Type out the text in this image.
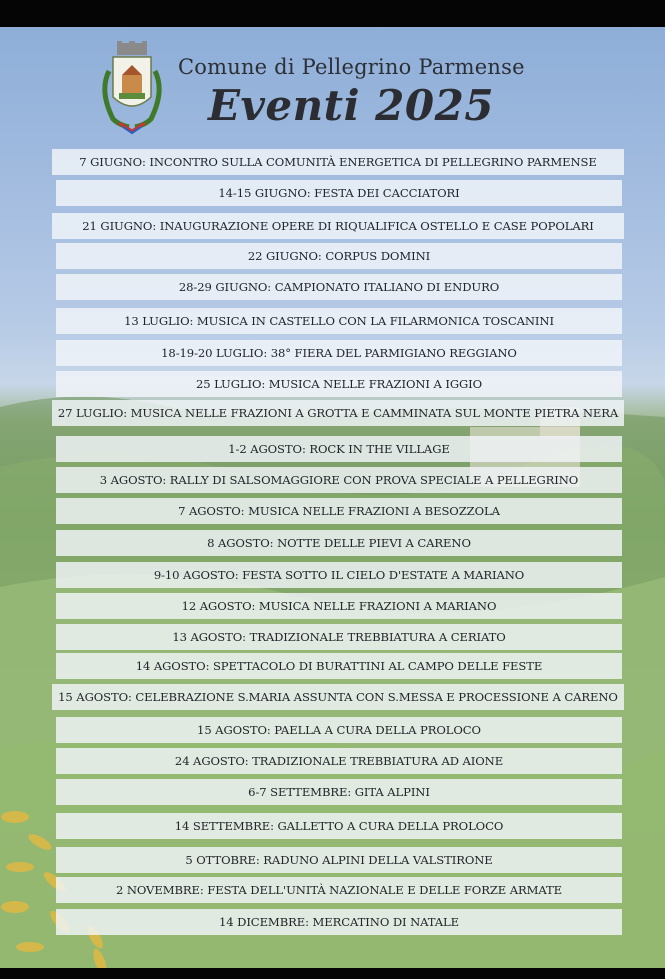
Comune di Pellegrino Parmense
Eventi 2025
7 GIUGNO: INCONTRO SULLA COMUNITÀ ENERGETICA DI PELLEGRINO PARMENSE
14-15 GIUGNO: FESTA DEI CACCIATORI
21 GIUGNO: INAUGURAZIONE OPERE DI RIQUALIFICA OSTELLO E CASE POPOLARI
22 GIUGNO: CORPUS DOMINI
28-29 GIUGNO: CAMPIONATO ITALIANO DI ENDURO
13 LUGLIO: MUSICA IN CASTELLO CON LA FILARMONICA TOSCANINI
18-19-20 LUGLIO: 38° FIERA DEL PARMIGIANO REGGIANO
25 LUGLIO: MUSICA NELLE FRAZIONI A IGGIO
27 LUGLIO: MUSICA NELLE FRAZIONI A GROTTA E CAMMINATA SUL MONTE PIETRA NERA
1-2 AGOSTO: ROCK IN THE VILLAGE
3 AGOSTO: RALLY DI SALSOMAGGIORE CON PROVA SPECIALE A PELLEGRINO
7 AGOSTO: MUSICA NELLE FRAZIONI A BESOZZOLA
8 AGOSTO: NOTTE DELLE PIEVI A CARENO
9-10 AGOSTO: FESTA SOTTO IL CIELO D'ESTATE A MARIANO
12 AGOSTO: MUSICA NELLE FRAZIONI A MARIANO
13 AGOSTO: TRADIZIONALE TREBBIATURA A CERIATO
14 AGOSTO: SPETTACOLO DI BURATTINI AL CAMPO DELLE FESTE
15 AGOSTO: CELEBRAZIONE S.MARIA ASSUNTA CON S.MESSA E PROCESSIONE A CARENO
15 AGOSTO: PAELLA A CURA DELLA PROLOCO
24 AGOSTO: TRADIZIONALE TREBBIATURA AD AIONE
6-7 SETTEMBRE: GITA ALPINI
14 SETTEMBRE: GALLETTO A CURA DELLA PROLOCO
5 OTTOBRE: RADUNO ALPINI DELLA VALSTIRONE
2 NOVEMBRE: FESTA DELL'UNITÀ NAZIONALE E DELLE FORZE ARMATE
14 DICEMBRE: MERCATINO DI NATALE
